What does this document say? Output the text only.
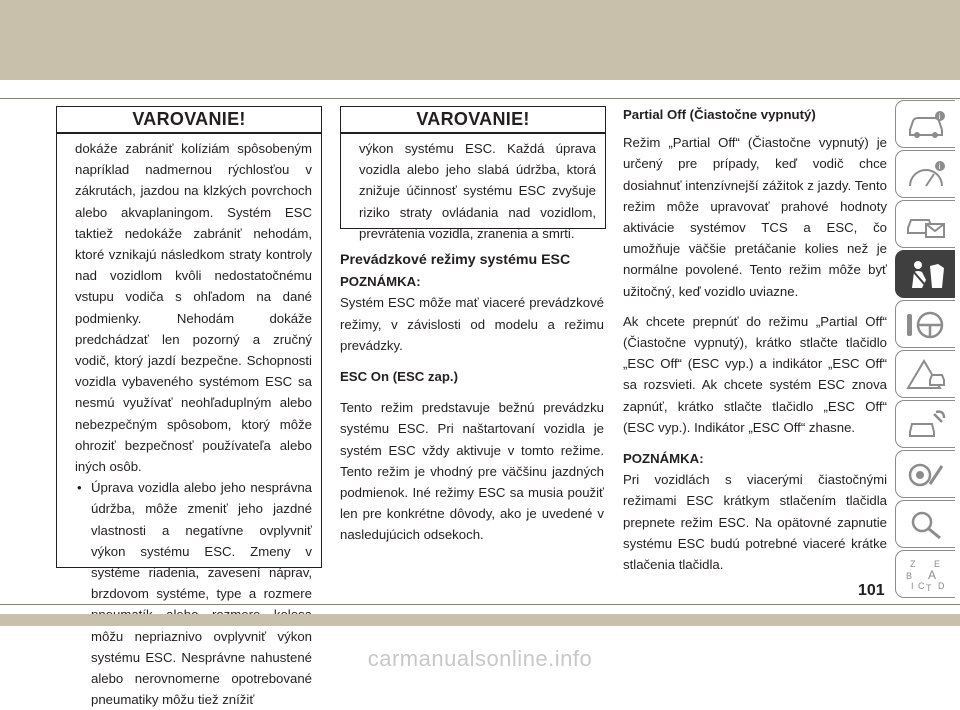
VAROVANIE!
dokáže zabrániť kolíziám spôsobeným napríklad nadmernou rýchlosťou v zákrutách, jazdou na klzkých povrchoch alebo akvaplaningom. Systém ESC taktiež nedokáže zabrániť nehodám, ktoré vznikajú následkom straty kontroly nad vozidlom kvôli nedostatočnému vstupu vodiča s ohľadom na dané podmienky. Nehodám dokáže predchádzať len pozorný a zručný vodič, ktorý jazdí bezpečne. Schopnosti vozidla vybaveného systémom ESC sa nesmú využívať neohľaduplným alebo nebezpečným spôsobom, ktorý môže ohroziť bezpečnosť používateľa alebo iných osôb.
• Úprava vozidla alebo jeho nesprávna údržba, môže zmeniť jeho jazdné vlastnosti a negatívne ovplyvniť výkon systému ESC. Zmeny v systéme riadenia, zavesení náprav, brzdovom systéme, type a rozmere môžu nepriaznivo ovplyvniť výkon systému ESC. Nesprávne nahustené alebo nerovnomerne opotrebované pneumatiky môžu tiež znížiť
VAROVANIE!
výkon systému ESC. Každá úprava vozidla alebo jeho slabá údržba, ktorá znižuje účinnosť systému ESC zvyšuje riziko straty ovládania nad vozidlom, prevrátenia vozidla, zranenia a smrti.

Prevádzkové režimy systému ESC

POZNÁMKA:

Systém ESC môže mať viaceré prevádzkové režimy, v závislosti od modelu a režimu prevádzky.

ESC On (ESC zap.)

Tento režim predstavuje bežnú prevádzku systému ESC. Pri naštartovaní vozidla je systém ESC vždy aktivuje v tomto režime. Tento režim je vhodný pre väčšinu jazdných podmienok. Iné režimy ESC sa musia použiť len pre konkrétne dôvody, ako je uvedené v nasledujúcich odsekoch.

Partial Off (Čiastočne vypnutý)

Režim „Partial Off“ (Čiastočne vypnutý) je určený pre prípady, keď vodič chce dosiahnuť intenzívnejší zážitok z jazdy. Tento režim môže upravovať prahové hodnoty aktivácie systémov TCS a ESC, čo umožňuje väčšie pretáčanie kolies než je normálne povolené. Tento režim môže byť užitočný, keď vozidlo uviazne.

Ak chcete prepnúť do režimu „Partial Off“ (Čiastočne vypnutý), krátko stlačte tlačidlo „ESC Off“ (ESC vyp.) a indikátor „ESC Off“ sa rozsvieti. Ak chcete systém ESC znova zapnúť, krátko stlačte tlačidlo „ESC Off“ (ESC vyp.). Indikátor „ESC Off“ zhasne.

POZNÁMKA:

Pri vozidlách s viacerými čiastočnými režimami ESC krátkym stlačením tlačidla prepnete režim ESC. Na opätovné zapnutie systému ESC budú potrebné viaceré krátke stlačenia tlačidla.

i
i
Z E
B A
C D
I T
101
carmanualsonline.info
